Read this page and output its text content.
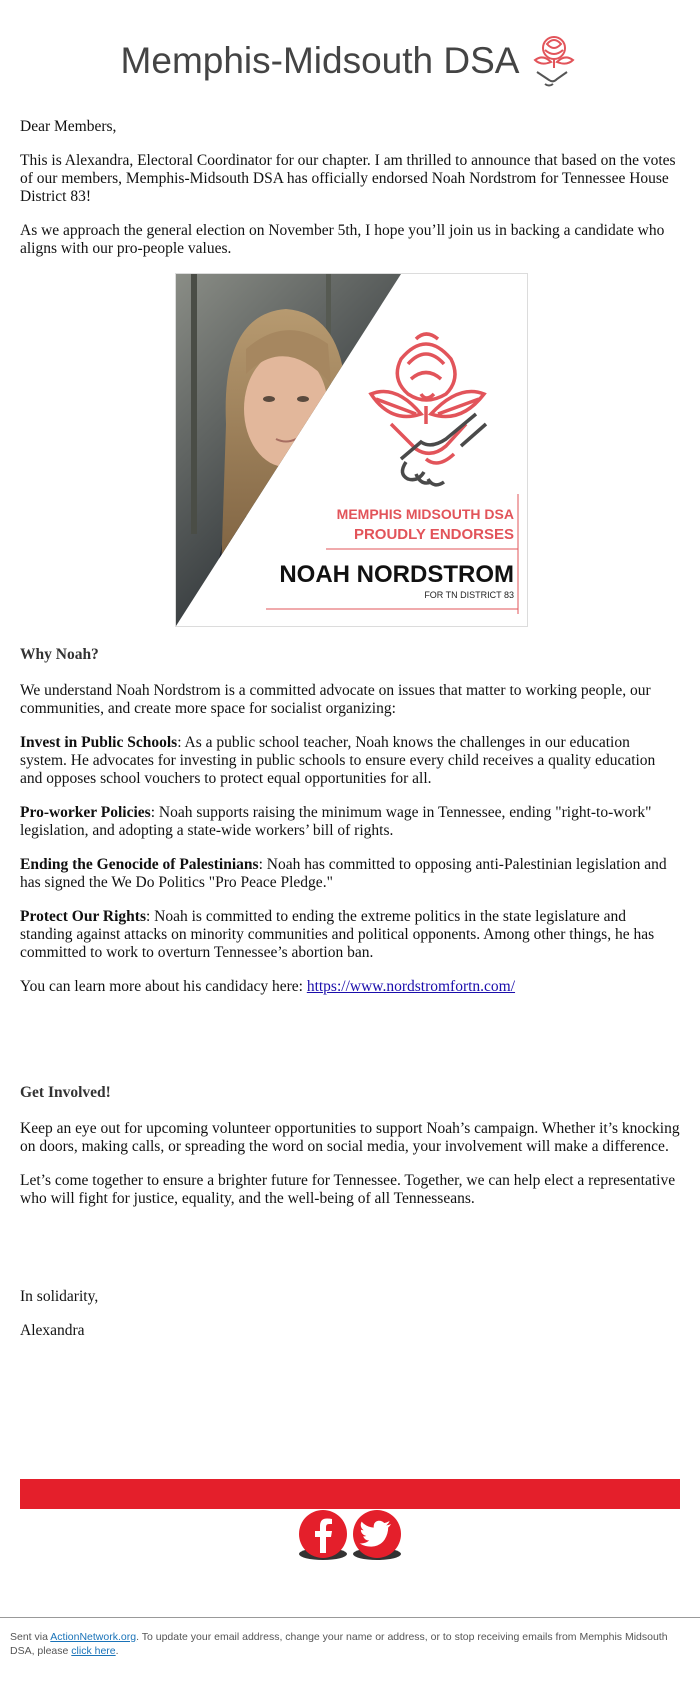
Memphis-Midsouth DSA

Dear Members,

This is Alexandra, Electoral Coordinator for our chapter. I am thrilled to announce that based on the votes of our members, Memphis-Midsouth DSA has officially endorsed Noah Nordstrom for Tennessee House District 83!

As we approach the general election on November 5th, I hope you’ll join us in backing a candidate who aligns with our pro-people values.

MEMPHIS MIDSOUTH DSA
PROUDLY ENDORSES
NOAH NORDSTROM
FOR TN DISTRICT 83

Why Noah?

We understand Noah Nordstrom is a committed advocate on issues that matter to working people, our communities, and create more space for socialist organizing:

Invest in Public Schools: As a public school teacher, Noah knows the challenges in our education system. He advocates for investing in public schools to ensure every child receives a quality education and opposes school vouchers to protect equal opportunities for all.

Pro-worker Policies: Noah supports raising the minimum wage in Tennessee, ending "right-to-work" legislation, and adopting a state-wide workers’ bill of rights.

Ending the Genocide of Palestinians: Noah has committed to opposing anti-Palestinian legislation and has signed the We Do Politics "Pro Peace Pledge."

Protect Our Rights: Noah is committed to ending the extreme politics in the state legislature and standing against attacks on minority communities and political opponents. Among other things, he has committed to work to overturn Tennessee’s abortion ban.

You can learn more about his candidacy here: https://www.nordstromfortn.com/

Get Involved!

Keep an eye out for upcoming volunteer opportunities to support Noah’s campaign. Whether it’s knocking on doors, making calls, or spreading the word on social media, your involvement will make a difference.

Let’s come together to ensure a brighter future for Tennessee. Together, we can help elect a representative who will fight for justice, equality, and the well-being of all Tennesseans.

In solidarity,

Alexandra

Sent via ActionNetwork.org. To update your email address, change your name or address, or to stop receiving emails from Memphis Midsouth DSA, please click here.
